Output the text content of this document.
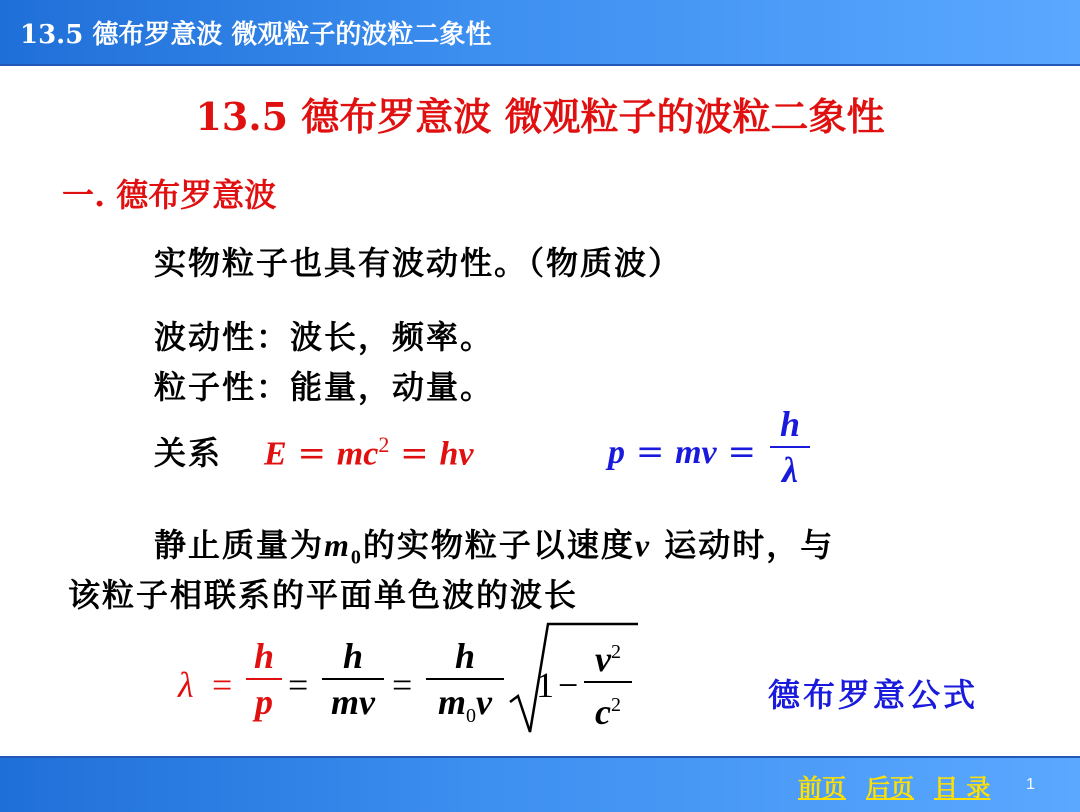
13.5 德布罗意波 微观粒子的波粒二象性
13.5 德布罗意波 微观粒子的波粒二象性
一. 德布罗意波
实物粒子也具有波动性。（物质波）
波动性：波长，频率。
粒子性：能量，动量。
关系 $E = mc^2 = h\nu$	p = mv =
h
λ
静止质量为$m_0$的实物粒子以速度v 运动时，与
该粒子相联系的平面单色波的波长
λ =
h
p =
h
mv =
h
$m_0v$	1 −
$v^2$
$c^2$	德布罗意公式
前页 后页 目 录 1
